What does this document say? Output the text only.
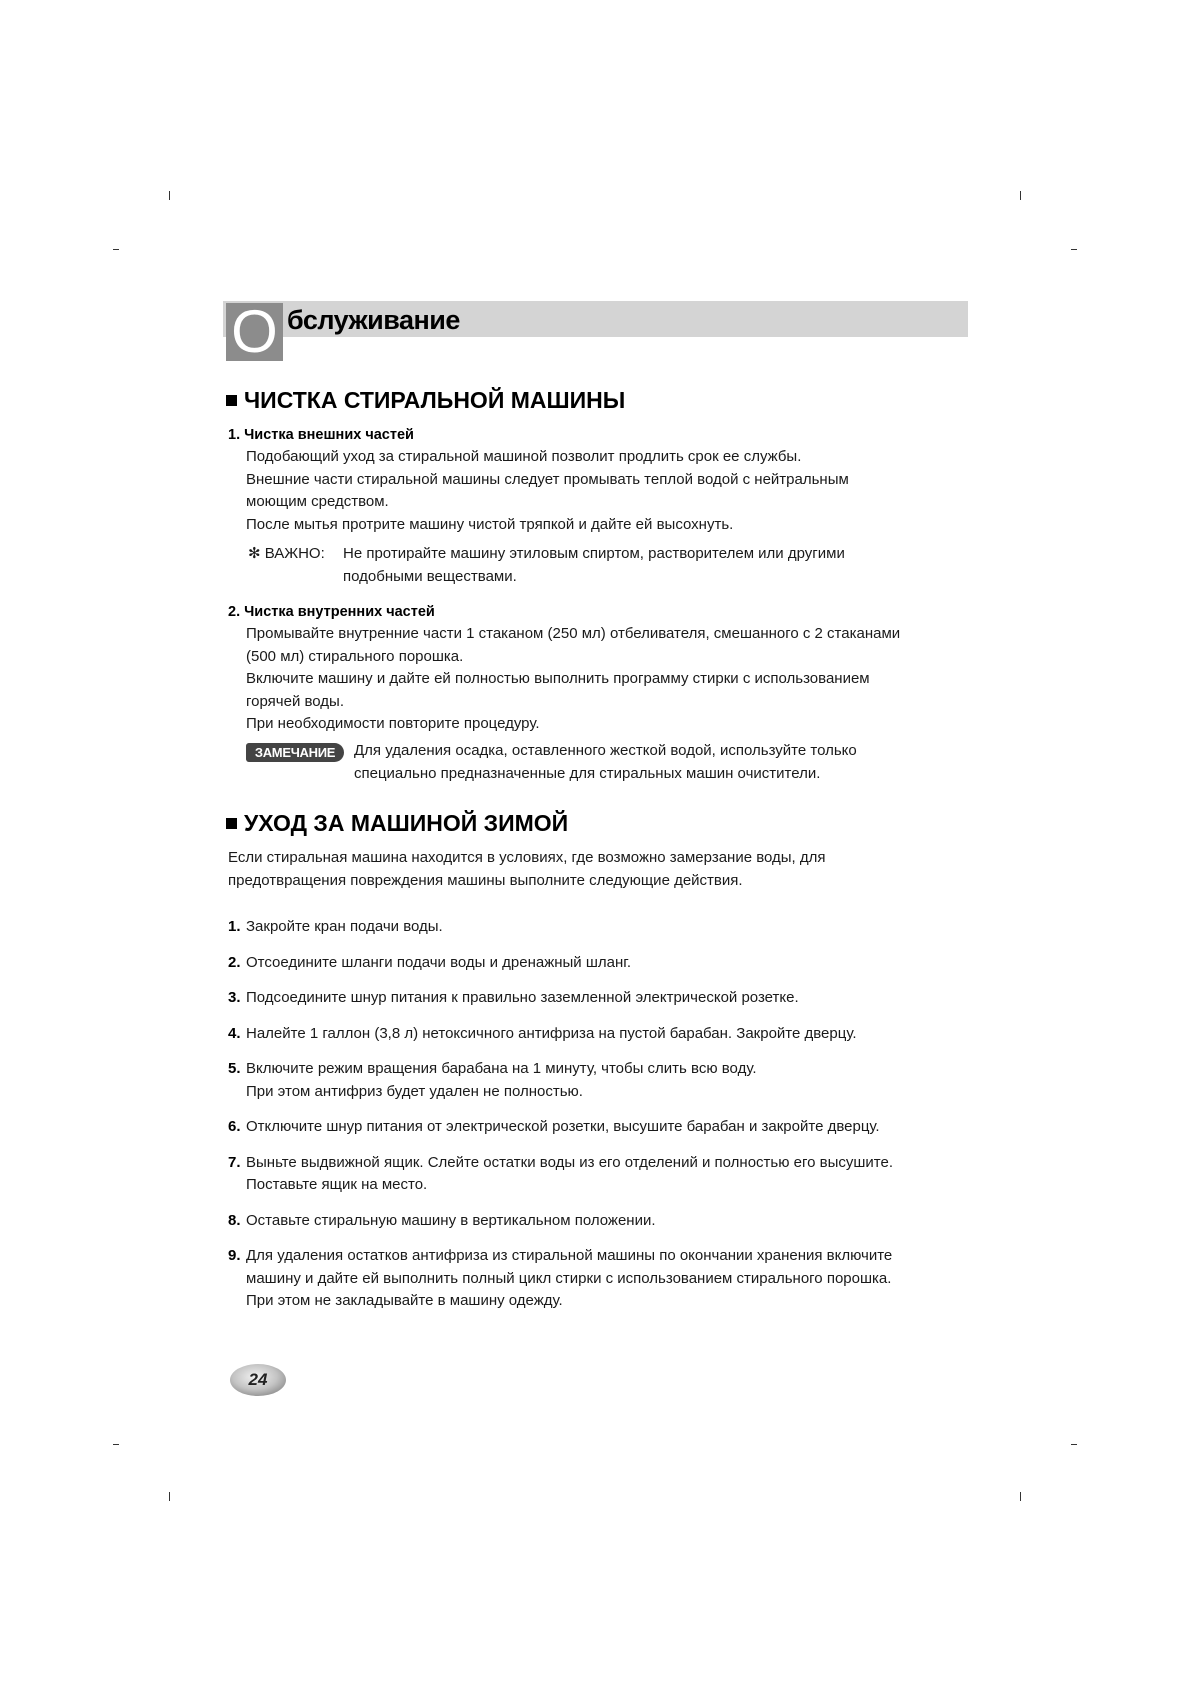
O бслуживание
ЧИСТКА СТИРАЛЬНОЙ МАШИНЫ
1. Чистка внешних частей

Подобающий уход за стиральной машиной позволит продлить срок ее службы.

Внешние части стиральной машины следует промывать теплой водой с нейтральным

моющим средством.

После мытья протрите машину чистой тряпкой и дайте ей высохнуть.

✻ ВАЖНО: Не протирайте машину этиловым спиртом, растворителем или другими

подобными веществами.

2. Чистка внутренних частей

Промывайте внутренние части 1 стаканом (250 мл) отбеливателя, смешанного с 2 стаканами

(500 мл) стирального порошка.

Включите машину и дайте ей полностью выполнить программу стирки с использованием

горячей воды.

При необходимости повторите процедуру.

ЗАМЕЧАНИЕ	Для удаления осадка, оставленного жесткой водой, используйте только

специально предназначенные для стиральных машин очистители.

УХОД ЗА МАШИНОЙ ЗИМОЙ

Если стиральная машина находится в условиях, где возможно замерзание воды, для

предотвращения повреждения машины выполните следующие действия.

1. Закройте кран подачи воды.

2. Отсоедините шланги подачи воды и дренажный шланг.

3. Подсоедините шнур питания к правильно заземленной электрической розетке.

4. Налейте 1 галлон (3,8 л) нетоксичного антифриза на пустой барабан. Закройте дверцу.

5. Включите режим вращения барабана на 1 минуту, чтобы слить всю воду.

При этом антифриз будет удален не полностью.

6. Отключите шнур питания от электрической розетки, высушите барабан и закройте дверцу.

7. Выньте выдвижной ящик. Слейте остатки воды из его отделений и полностью его высушите.

Поставьте ящик на место.

8. Оставьте стиральную машину в вертикальном положении.

9. Для удаления остатков антифриза из стиральной машины по окончании хранения включите

машину и дайте ей выполнить полный цикл стирки с использованием стирального порошка.

При этом не закладывайте в машину одежду.

24
